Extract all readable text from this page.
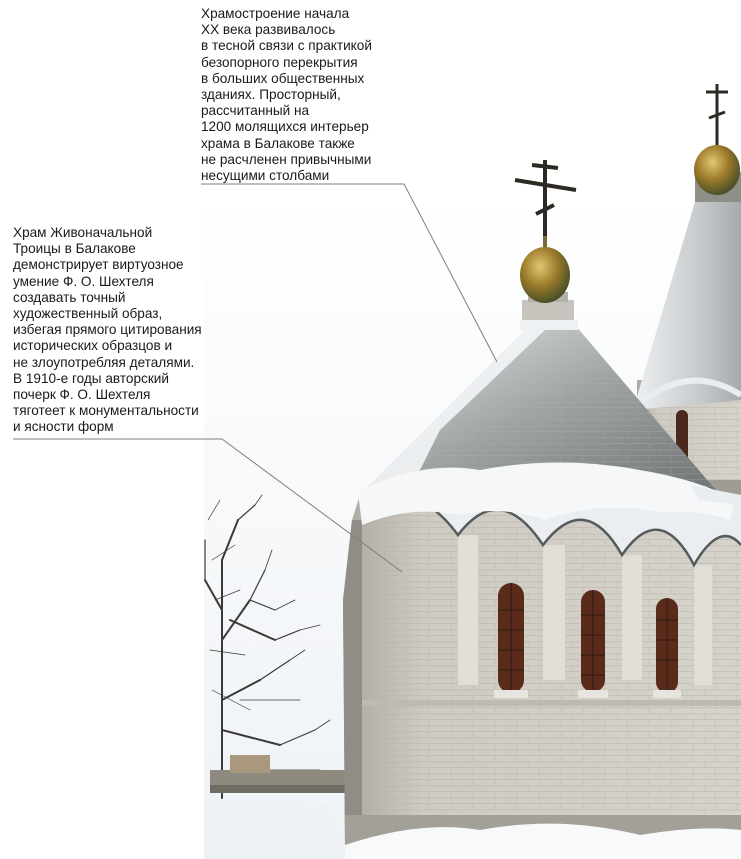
Храмостроение начала
XX века развивалось
в тесной связи с практикой
безопорного перекрытия
в больших общественных
зданиях. Просторный,
рассчитанный на
1200 молящихся интерьер
храма в Балакове также
не расчленен привычными
несущими столбами
Храм Живоначальной
Троицы в Балакове
демонстрирует виртуозное
умение Ф. О. Шехтеля
создавать точный
художественный образ,
избегая прямого цитирования
исторических образцов и
не злоупотребляя деталями.
В 1910-е годы авторский
почерк Ф. О. Шехтеля
тяготеет к монументальности
и ясности форм
